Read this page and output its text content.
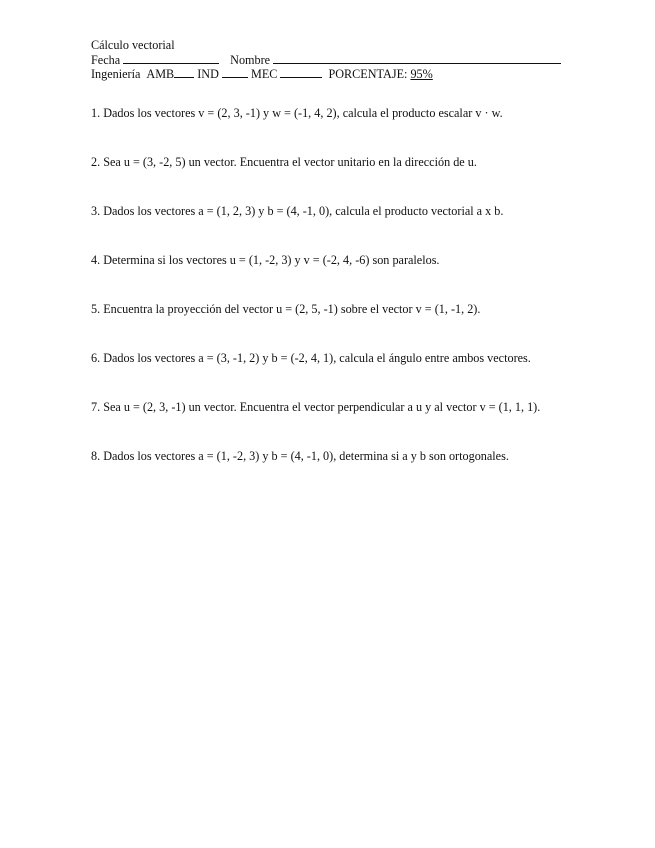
Cálculo vectorial
Fecha	Nombre
Ingeniería AMB IND	MEC	PORCENTAJE: 95%
1. Dados los vectores v = (2, 3, -1) y w = (-1, 4, 2), calcula el producto escalar v · w.
2. Sea u = (3, -2, 5) un vector. Encuentra el vector unitario en la dirección de u.
3. Dados los vectores a = (1, 2, 3) y b = (4, -1, 0), calcula el producto vectorial a x b.
4. Determina si los vectores u = (1, -2, 3) y v = (-2, 4, -6) son paralelos.
5. Encuentra la proyección del vector u = (2, 5, -1) sobre el vector v = (1, -1, 2).
6. Dados los vectores a = (3, -1, 2) y b = (-2, 4, 1), calcula el ángulo entre ambos vectores.
7. Sea u = (2, 3, -1) un vector. Encuentra el vector perpendicular a u y al vector v = (1, 1, 1).
8. Dados los vectores a = (1, -2, 3) y b = (4, -1, 0), determina si a y b son ortogonales.
